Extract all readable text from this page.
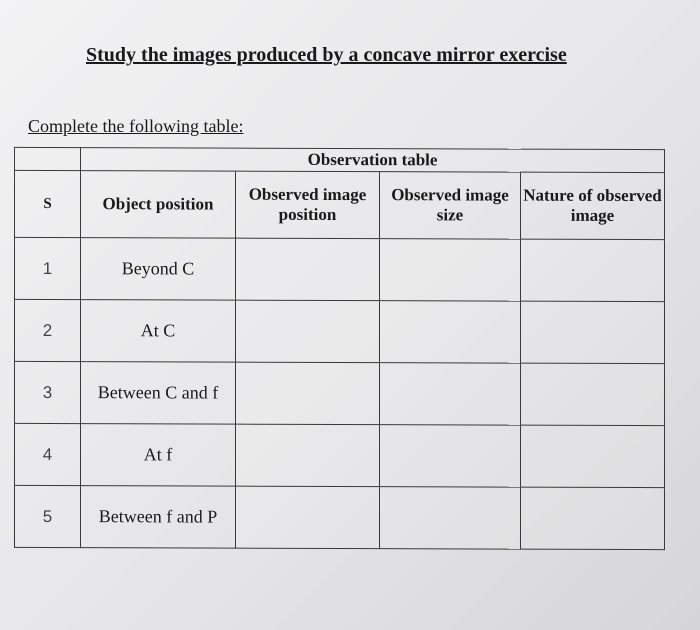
Study the images produced by a concave mirror exercise
Complete the following table:
	Observation table			
S	Object position	Observed image position	Observed image size	Nature of observed image
1	Beyond C			
2	At C			
3	Between C and f			
4	At f			
5	Between f and P			
